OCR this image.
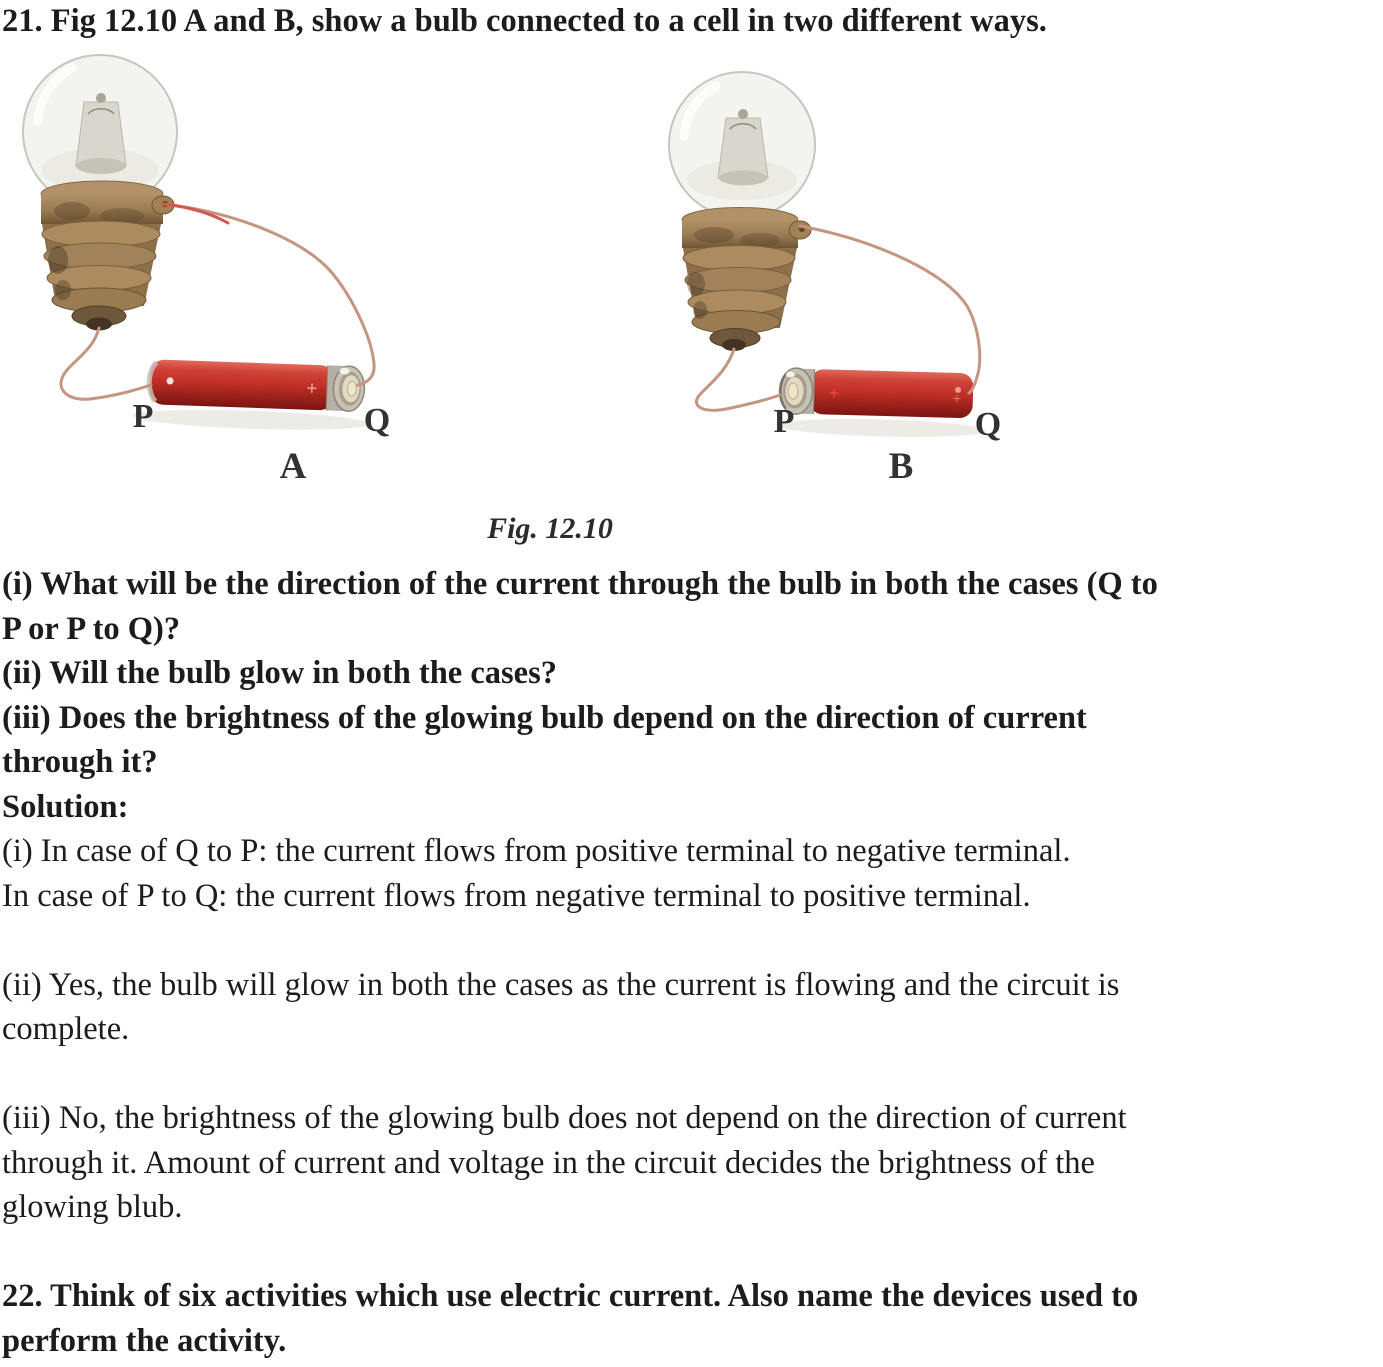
21. Fig 12.10 A and B, show a bulb connected to a cell in two different ways.
+
P	Q
A
+
+
P	Q
B
Fig. 12.10
(i) What will be the direction of the current through the bulb in both the cases (Q to
P or P to Q)?
(ii) Will the bulb glow in both the cases?
(iii) Does the brightness of the glowing bulb depend on the direction of current
through it?
Solution:
(i) In case of Q to P: the current flows from positive terminal to negative terminal.
In case of P to Q: the current flows from negative terminal to positive terminal.
(ii) Yes, the bulb will glow in both the cases as the current is flowing and the circuit is
complete.
(iii) No, the brightness of the glowing bulb does not depend on the direction of current
through it. Amount of current and voltage in the circuit decides the brightness of the
glowing blub.
22. Think of six activities which use electric current. Also name the devices used to
perform the activity.
